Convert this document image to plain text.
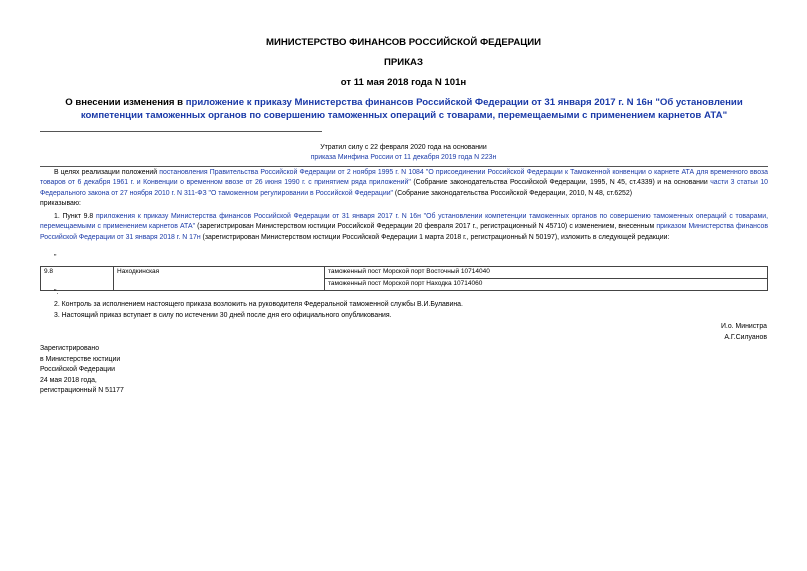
МИНИСТЕРСТВО ФИНАНСОВ РОССИЙСКОЙ ФЕДЕРАЦИИ
ПРИКАЗ
от 11 мая 2018 года N 101н
О внесении изменения в приложение к приказу Министерства финансов Российской Федерации от 31 января 2017 г. N 16н "Об установлении компетенции таможенных органов по совершению таможенных операций с товарами, перемещаемыми с применением карнетов АТА"
Утратил силу с 22 февраля 2020 года на основании
приказа Минфина России от 11 декабря 2019 года N 223н
В целях реализации положений постановления Правительства Российской Федерации от 2 ноября 1995 г. N 1084 "О присоединении Российской Федерации к Таможенной конвенции о карнете АТА для временного ввоза товаров от 6 декабря 1961 г. и Конвенции о временном ввозе от 26 июня 1990 г. с принятием ряда приложений" (Собрание законодательства Российской Федерации, 1995, N 45, ст.4339) и на основании части 3 статьи 10 Федерального закона от 27 ноября 2010 г. N 311-ФЗ "О таможенном регулировании в Российской Федерации" (Собрание законодательства Российской Федерации, 2010, N 48, ст.6252)
приказываю:
1. Пункт 9.8 приложения к приказу Министерства финансов Российской Федерации от 31 января 2017 г. N 16н "Об установлении компетенции таможенных органов по совершению таможенных операций с товарами, перемещаемыми с применением карнетов АТА" (зарегистрирован Министерством юстиции Российской Федерации 20 февраля 2017 г., регистрационный N 45710) с изменением, внесенным приказом Министерства финансов Российской Федерации от 31 января 2018 г. N 17н (зарегистрирован Министерством юстиции Российской Федерации 1 марта 2018 г., регистрационный N 50197), изложить в следующей редакции:
"
9.8	Находкинская	таможенный пост Морской порт Восточный 10714040
таможенный пост Морской порт Находка 10714060
".
2. Контроль за исполнением настоящего приказа возложить на руководителя Федеральной таможенной службы В.И.Булавина.
3. Настоящий приказ вступает в силу по истечении 30 дней после дня его официального опубликования.
И.о. Министра
А.Г.Силуанов
Зарегистрировано
в Министерстве юстиции
Российской Федерации
24 мая 2018 года,
регистрационный N 51177
